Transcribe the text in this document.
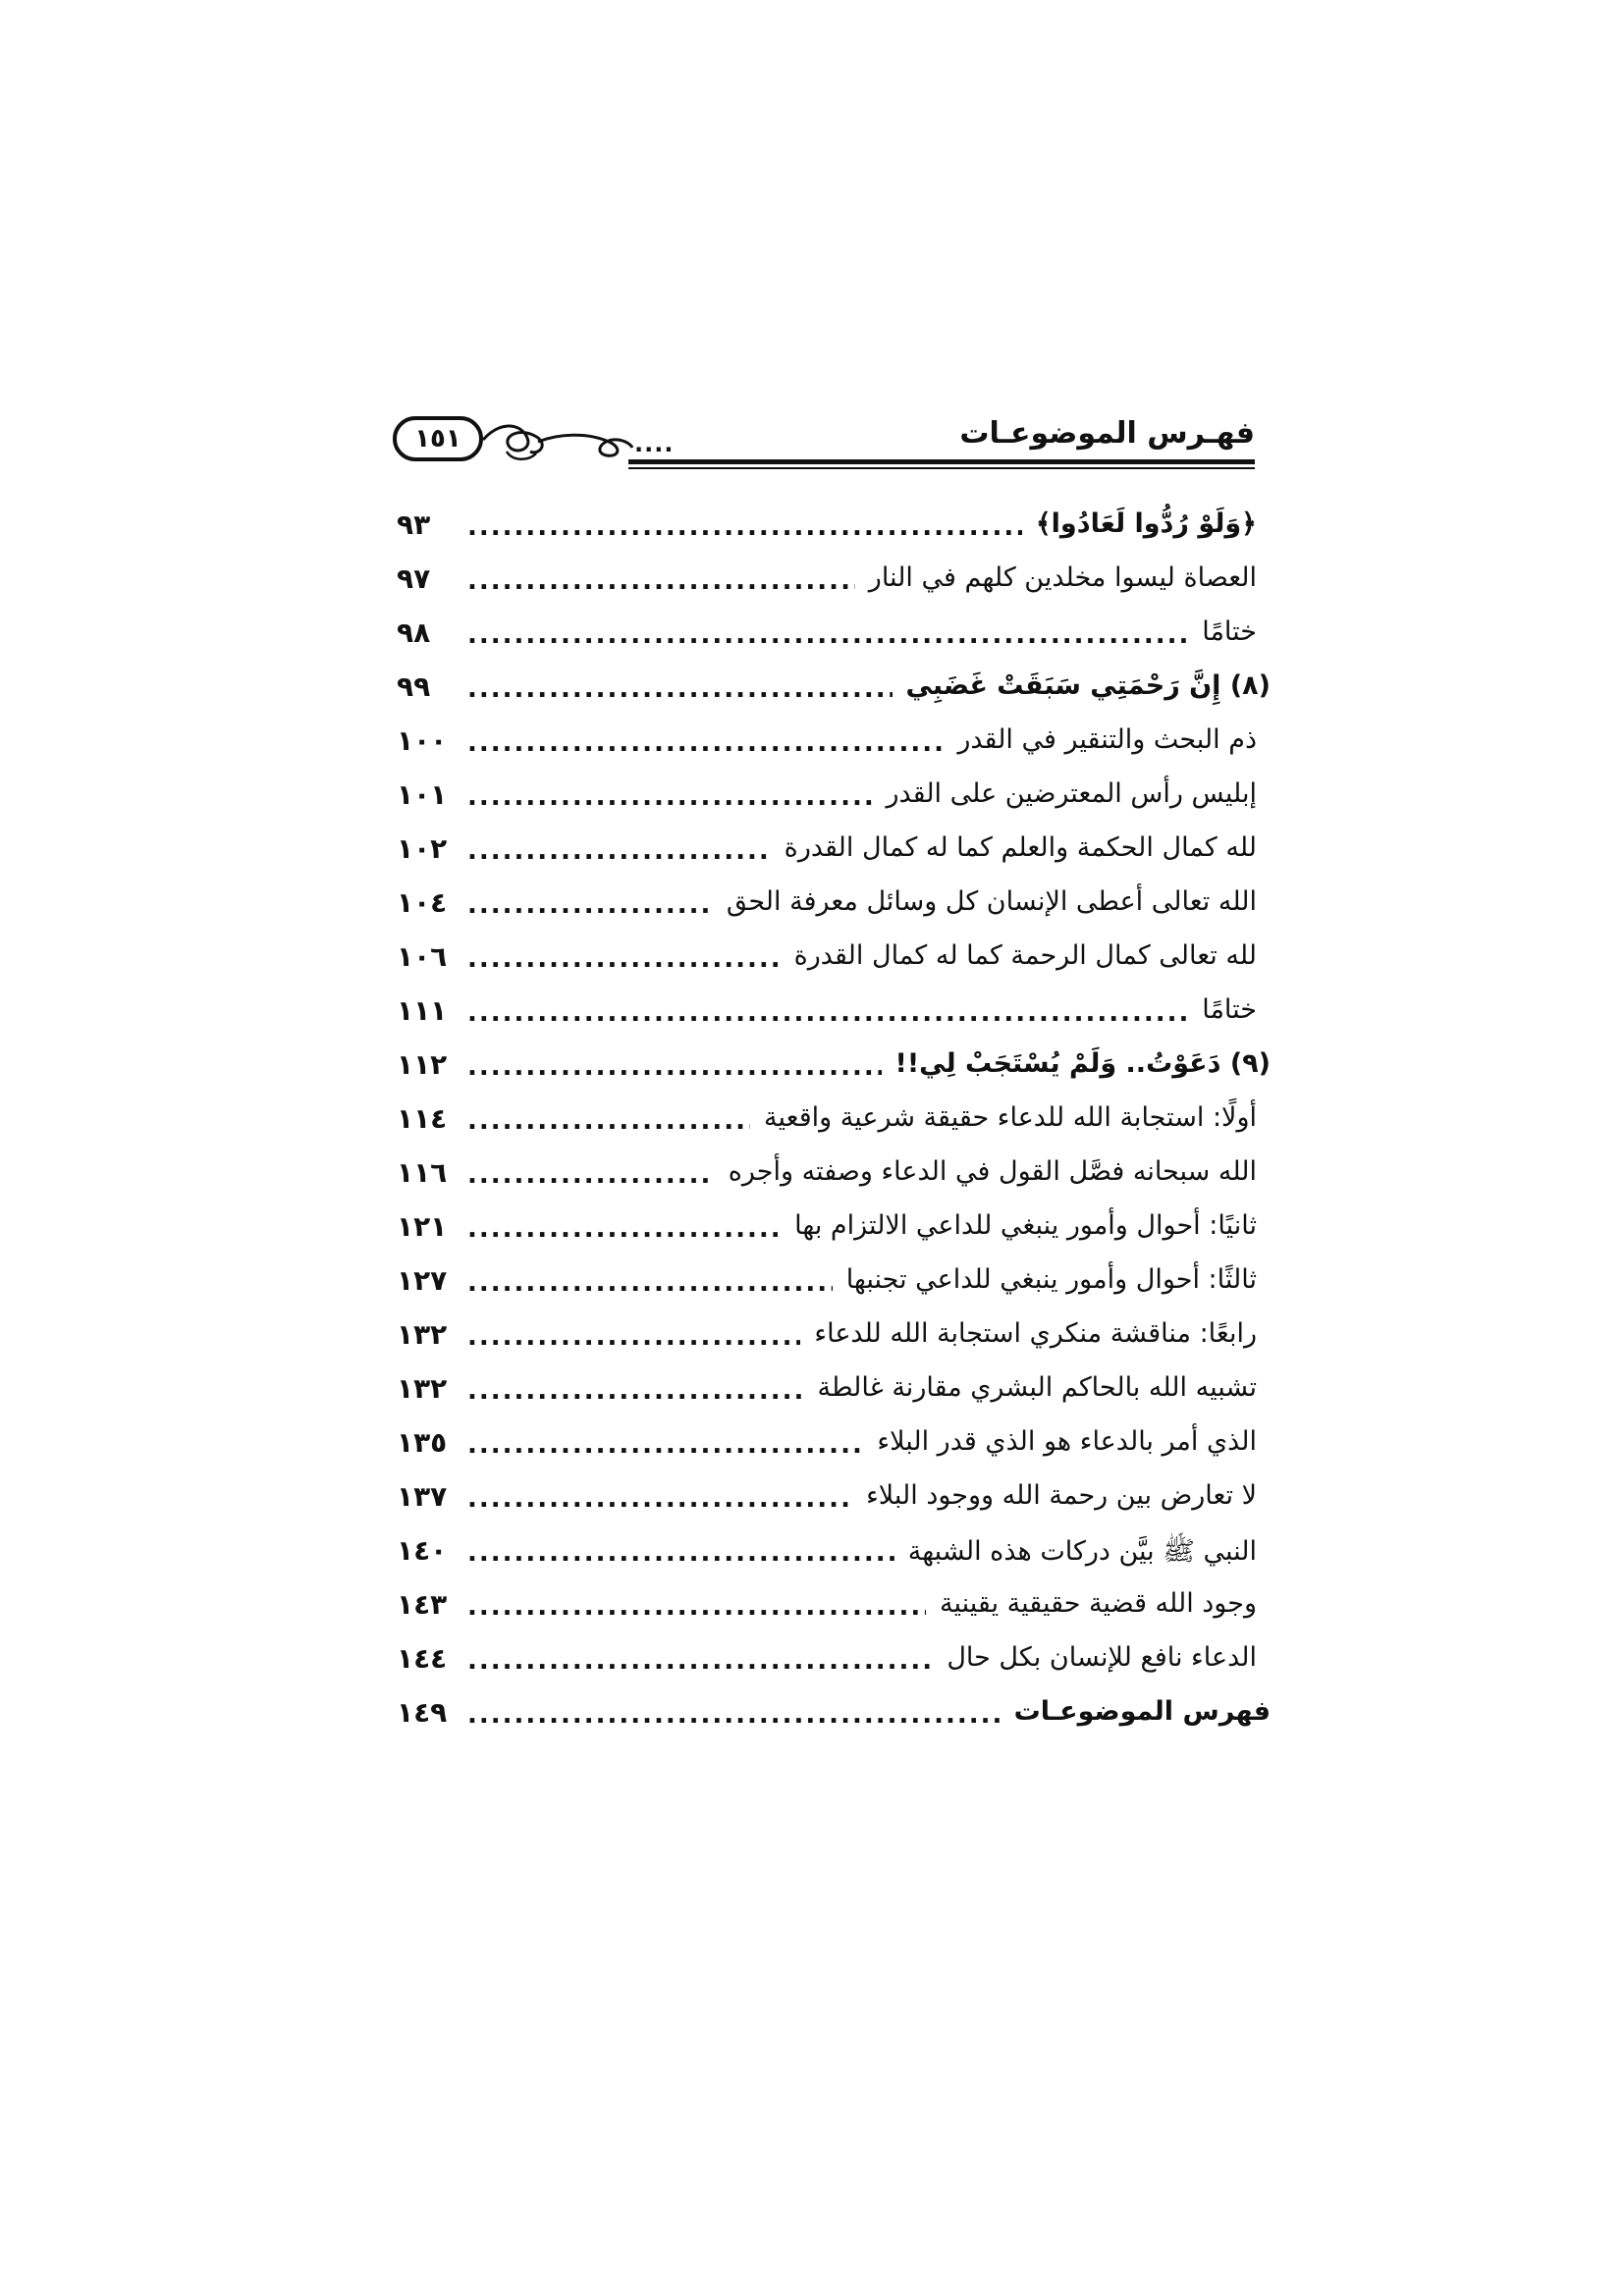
١٥١	....	فهـرس الموضوعـات
٩٣ .....	﴿وَلَوْ رُدُّوا لَعَادُوا﴾
٩٧ .....	العصاة ليسوا مخلدين كلهم في النار
٩٨ .....	ختامًا
٩٩ .....	(٨) إِنَّ رَحْمَتِي سَبَقَتْ غَضَبِي
١٠٠ .....	ذم البحث والتنقير في القدر
١٠١ .....	إبليس رأس المعترضين على القدر
١٠٢ .....	لله كمال الحكمة والعلم كما له كمال القدرة
١٠٤ .....	الله تعالى أعطى الإنسان كل وسائل معرفة الحق
١٠٦ .....	لله تعالى كمال الرحمة كما له كمال القدرة
١١١ .....	ختامًا
١١٢ .....	(٩) دَعَوْتُ.. وَلَمْ يُسْتَجَبْ لِي!!
١١٤ .....	أولًا: استجابة الله للدعاء حقيقة شرعية واقعية
١١٦ .....	الله سبحانه فصَّل القول في الدعاء وصفته وأجره
١٢١ .....	ثانيًا: أحوال وأمور ينبغي للداعي الالتزام بها
١٢٧ .....	ثالثًا: أحوال وأمور ينبغي للداعي تجنبها
١٣٢ .....	رابعًا: مناقشة منكري استجابة الله للدعاء
١٣٢ .....	تشبيه الله بالحاكم البشري مقارنة غالطة
١٣٥ .....	الذي أمر بالدعاء هو الذي قدر البلاء
١٣٧ .....	لا تعارض بين رحمة الله ووجود البلاء
١٤٠ .....	النبي ﷺ بيَّن دركات هذه الشبهة
١٤٣ .....	وجود الله قضية حقيقية يقينية
١٤٤ .....	الدعاء نافع للإنسان بكل حال
١٤٩ .....	فهرس الموضوعـات
